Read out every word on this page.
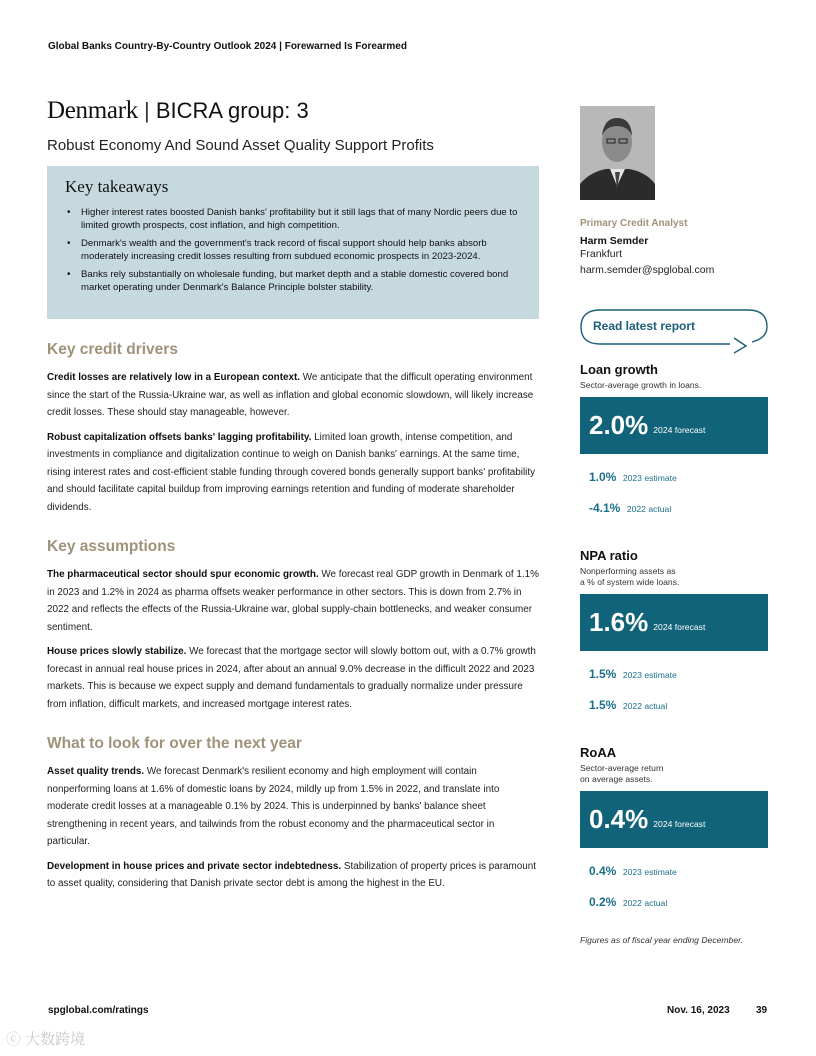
Global Banks Country-By-Country Outlook 2024 | Forewarned Is Forearmed
Denmark | BICRA group: 3
Robust Economy And Sound Asset Quality Support Profits
Key takeaways
• Higher interest rates boosted Danish banks' profitability but it still lags that of many Nordic peers due to limited growth prospects, cost inflation, and high competition.
• Denmark's wealth and the government's track record of fiscal support should help banks absorb moderately increasing credit losses resulting from subdued economic prospects in 2023-2024.
• Banks rely substantially on wholesale funding, but market depth and a stable domestic covered bond market operating under Denmark's Balance Principle bolster stability.
Key credit drivers

Credit losses are relatively low in a European context. We anticipate that the difficult operating environment since the start of the Russia-Ukraine war, as well as inflation and global economic slowdown, will likely increase credit losses. These should stay manageable, however.

Robust capitalization offsets banks' lagging profitability. Limited loan growth, intense competition, and investments in compliance and digitalization continue to weigh on Danish banks' earnings. At the same time, rising interest rates and cost-efficient stable funding through covered bonds generally support banks' profitability and should facilitate capital buildup from improving earnings retention and funding of moderate shareholder dividends.

Key assumptions

The pharmaceutical sector should spur economic growth. We forecast real GDP growth in Denmark of 1.1% in 2023 and 1.2% in 2024 as pharma offsets weaker performance in other sectors. This is down from 2.7% in 2022 and reflects the effects of the Russia-Ukraine war, global supply-chain bottlenecks, and weaker consumer sentiment.

House prices slowly stabilize. We forecast that the mortgage sector will slowly bottom out, with a 0.7% growth forecast in annual real house prices in 2024, after about an annual 9.0% decrease in the difficult 2022 and 2023 markets. This is because we expect supply and demand fundamentals to gradually normalize under pressure from inflation, difficult markets, and increased mortgage interest rates.

What to look for over the next year

Asset quality trends. We forecast Denmark's resilient economy and high employment will contain nonperforming loans at 1.6% of domestic loans by 2024, mildly up from 1.5% in 2022, and translate into moderate credit losses at a manageable 0.1% by 2024. This is underpinned by banks' balance sheet strengthening in recent years, and tailwinds from the robust economy and the pharmaceutical sector in particular.

Development in house prices and private sector indebtedness. Stabilization of property prices is paramount to asset quality, considering that Danish private sector debt is among the highest in the EU.

Primary Credit Analyst
Harm Semder
Frankfurt
harm.semder@spglobal.com
Read latest report
Loan growth
Sector-average growth in loans.
2.0% 2024 forecast
1.0% 2023 estimate
-4.1% 2022 actual
NPA ratio
Nonperforming assets as
a % of system wide loans.
1.6% 2024 forecast
1.5% 2023 estimate
1.5% 2022 actual
RoAA
Sector-average return
on average assets.
0.4% 2024 forecast
0.4% 2023 estimate
0.2% 2022 actual
Figures as of fiscal year ending December.
spglobal.com/ratings	Nov. 16, 2023	39
ⓒ 大数跨境
